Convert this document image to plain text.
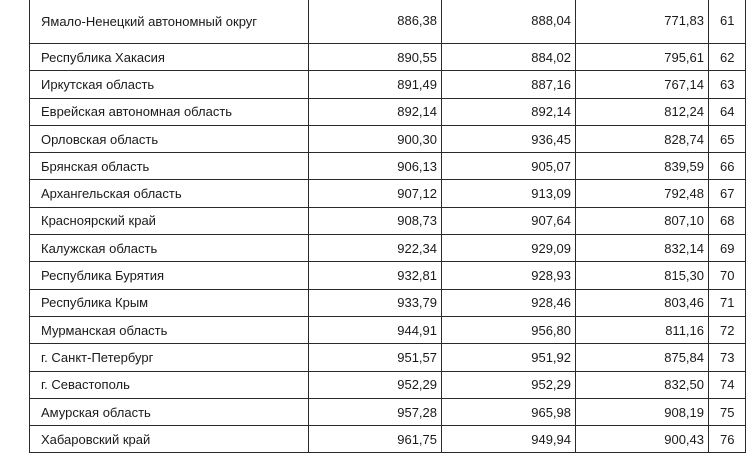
Ямало-Ненецкий автономный округ	886,38	888,04	771,83	61
Республика Хакасия	890,55	884,02	795,61	62
Иркутская область	891,49	887,16	767,14	63
Еврейская автономная область	892,14	892,14	812,24	64
Орловская область	900,30	936,45	828,74	65
Брянская область	906,13	905,07	839,59	66
Архангельская область	907,12	913,09	792,48	67
Красноярский край	908,73	907,64	807,10	68
Калужская область	922,34	929,09	832,14	69
Республика Бурятия	932,81	928,93	815,30	70
Республика Крым	933,79	928,46	803,46	71
Мурманская область	944,91	956,80	811,16	72
г. Санкт-Петербург	951,57	951,92	875,84	73
г. Севастополь	952,29	952,29	832,50	74
Амурская область	957,28	965,98	908,19	75
Хабаровский край	961,75	949,94	900,43	76
